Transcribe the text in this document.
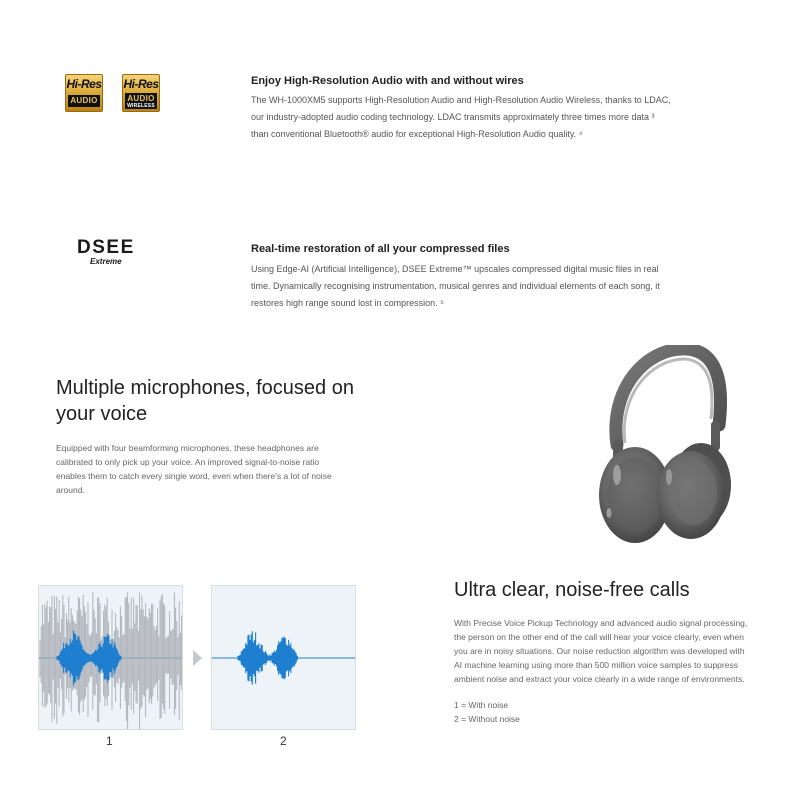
Hi-Res
AUDIO
Hi-Res
AUDIO
WIRELESS
Enjoy High-Resolution Audio with and without wires
The WH-1000XM5 supports High-Resolution Audio and High-Resolution Audio Wireless, thanks to LDAC,
our industry-adopted audio coding technology. LDAC transmits approximately three times more data ³
than conventional Bluetooth® audio for exceptional High-Resolution Audio quality. ⁴
DSEE
Extreme
Real-time restoration of all your compressed files
Using Edge-AI (Artificial Intelligence), DSEE Extreme™ upscales compressed digital music files in real
time. Dynamically recognising instrumentation, musical genres and individual elements of each song, it
restores high range sound lost in compression. ⁵
Multiple microphones, focused on
your voice
Equipped with four beamforming microphones, these headphones are
calibrated to only pick up your voice. An improved signal-to-noise ratio
enables them to catch every single word, even when there's a lot of noise
around.
1	2
Ultra clear, noise-free calls
With Precise Voice Pickup Technology and advanced audio signal processing,
the person on the other end of the call will hear your voice clearly, even when
you are in noisy situations. Our noise reduction algorithm was developed with
AI machine learning using more than 500 million voice samples to suppress
ambient noise and extract your voice clearly in a wide range of environments.
1 = With noise
2 = Without noise
